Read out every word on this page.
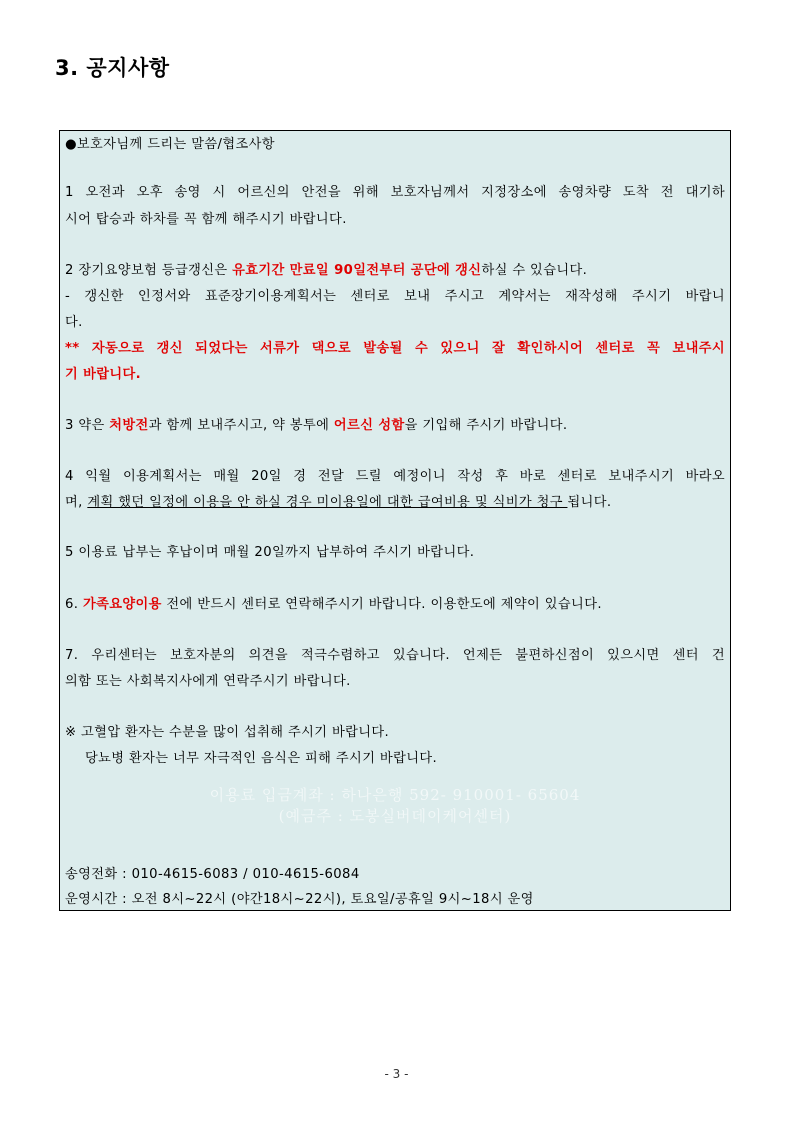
3. 공지사항
●보호자님께 드리는 말씀/협조사항
1 오전과 오후 송영 시 어르신의 안전을 위해 보호자님께서 지정장소에 송영차량 도착 전 대기하
시어 탑승과 하차를 꼭 함께 해주시기 바랍니다.
2 장기요양보험 등급갱신은 유효기간 만료일 90일전부터 공단에 갱신하실 수 있습니다.
- 갱신한 인정서와 표준장기이용계획서는 센터로 보내 주시고 계약서는 재작성해 주시기 바랍니
다.
** 자동으로 갱신 되었다는 서류가 댁으로 발송될 수 있으니 잘 확인하시어 센터로 꼭 보내주시
기 바랍니다.
3 약은 처방전과 함께 보내주시고, 약 봉투에 어르신 성함을 기입해 주시기 바랍니다.
4 익월 이용계획서는 매월 20일 경 전달 드릴 예정이니 작성 후 바로 센터로 보내주시기 바라오
며, 계획 했던 일정에 이용을 안 하실 경우 미이용일에 대한 급여비용 및 식비가 청구 됩니다.
5 이용료 납부는 후납이며 매월 20일까지 납부하여 주시기 바랍니다.
6. 가족요양이용 전에 반드시 센터로 연락해주시기 바랍니다. 이용한도에 제약이 있습니다.
7. 우리센터는 보호자분의 의견을 적극수렴하고 있습니다. 언제든 불편하신점이 있으시면 센터 건
의함 또는 사회복지사에게 연락주시기 바랍니다.
※ 고혈압 환자는 수분을 많이 섭취해 주시기 바랍니다.
당뇨병 환자는 너무 자극적인 음식은 피해 주시기 바랍니다.
이용료 입금계좌 : 하나은행 592- 910001- 65604
(예금주 : 도봉실버데이케어센터)
송영전화 : 010-4615-6083 / 010-4615-6084
운영시간 : 오전 8시~22시 (야간18시~22시), 토요일/공휴일 9시~18시 운영
- 3 -
